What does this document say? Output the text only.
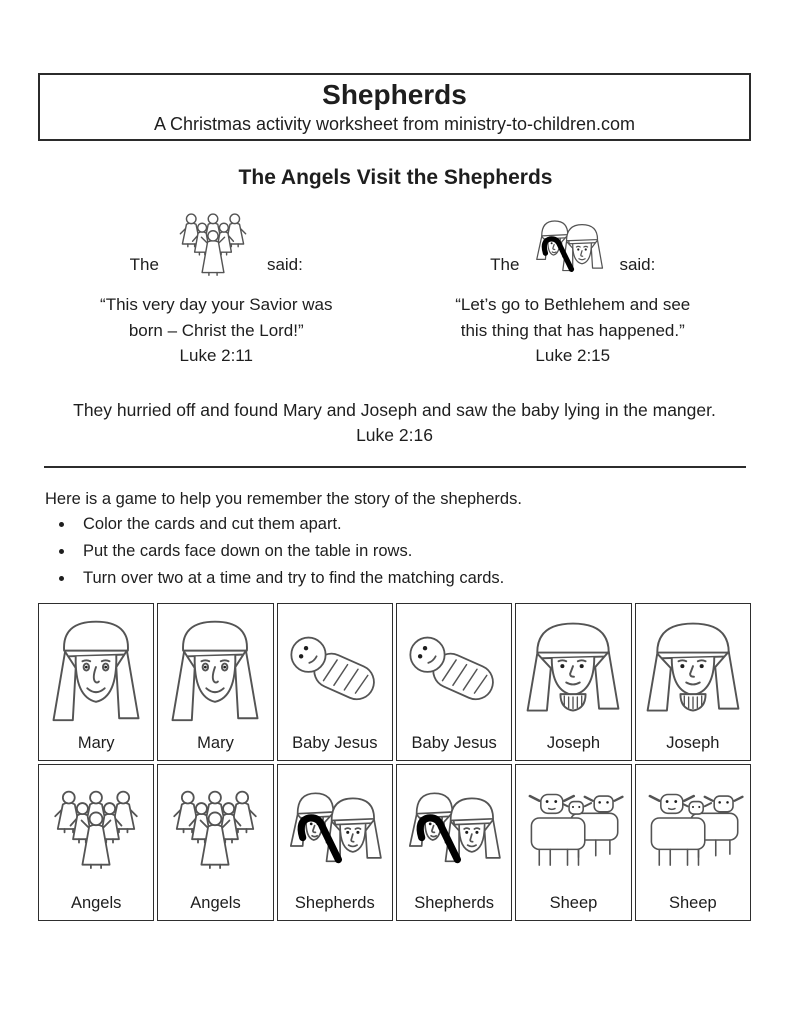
Shepherds
A Christmas activity worksheet from ministry-to-children.com
The Angels Visit the Shepherds
The	said:
“This very day your Savior was
born – Christ the Lord!”
Luke 2:11
The	said:
“Let’s go to Bethlehem and see
this thing that has happened.”
Luke 2:15
They hurried off and found Mary and Joseph and saw the baby lying in the manger.
Luke 2:16

Here is a game to help you remember the story of the shepherds.

• Color the cards and cut them apart.
• Put the cards face down on the table in rows.
• Turn over two at a time and try to find the matching cards.
Mary	Mary	Baby Jesus Baby Jesus	Joseph	Joseph
Angels	Angels	Shepherds Shepherds	Sheep	Sheep
